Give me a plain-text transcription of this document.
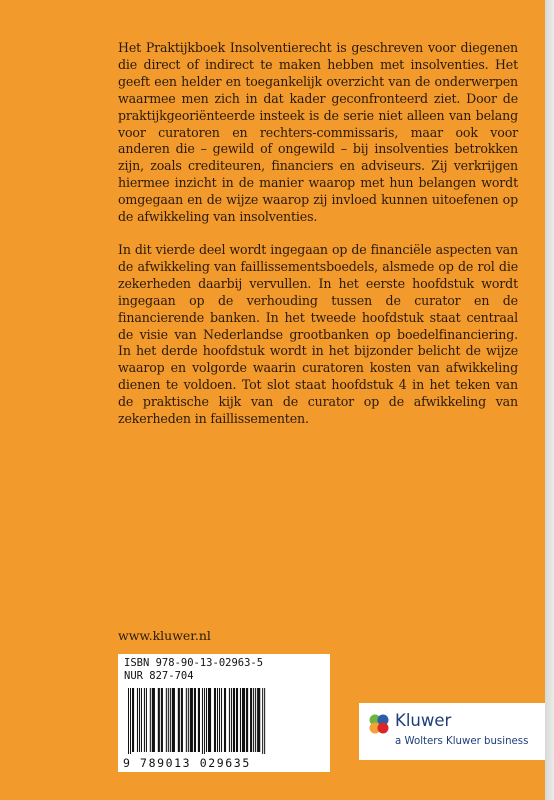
Het Praktijkboek Insolventierecht is geschreven voor diegenen die direct of indirect te maken hebben met insolventies. Het geeft een helder en toegankelijk overzicht van de onderwerpen waarmee men zich in dat kader geconfronteerd ziet. Door de praktijkgeoriënteerde insteek is de serie niet alleen van belang voor curatoren en rechters-commissaris, maar ook voor anderen die – gewild of ongewild – bij insolventies betrokken zijn, zoals crediteuren, financiers en adviseurs. Zij verkrijgen hiermee inzicht in de manier waarop met hun belangen wordt omgegaan en de wijze waarop zij invloed kunnen uitoefenen op de afwikkeling van insolventies.

In dit vierde deel wordt ingegaan op de financiële aspecten van de afwikkeling van faillissementsboedels, alsmede op de rol die zekerheden daarbij vervullen. In het eerste hoofdstuk wordt ingegaan op de verhouding tussen de curator en de financierende banken. In het tweede hoofdstuk staat centraal de visie van Nederlandse grootbanken op boedelfinanciering. In het derde hoofdstuk wordt in het bijzonder belicht de wijze waarop en volgorde waarin curatoren kosten van afwikkeling dienen te voldoen. Tot slot staat hoofdstuk 4 in het teken van de praktische kijk van de curator op de afwikkeling van zekerheden in faillissementen.

www.kluwer.nl
ISBN 978-90-13-02963-5
NUR 827-704
9 789013 029635
Kluwer
a Wolters Kluwer business
